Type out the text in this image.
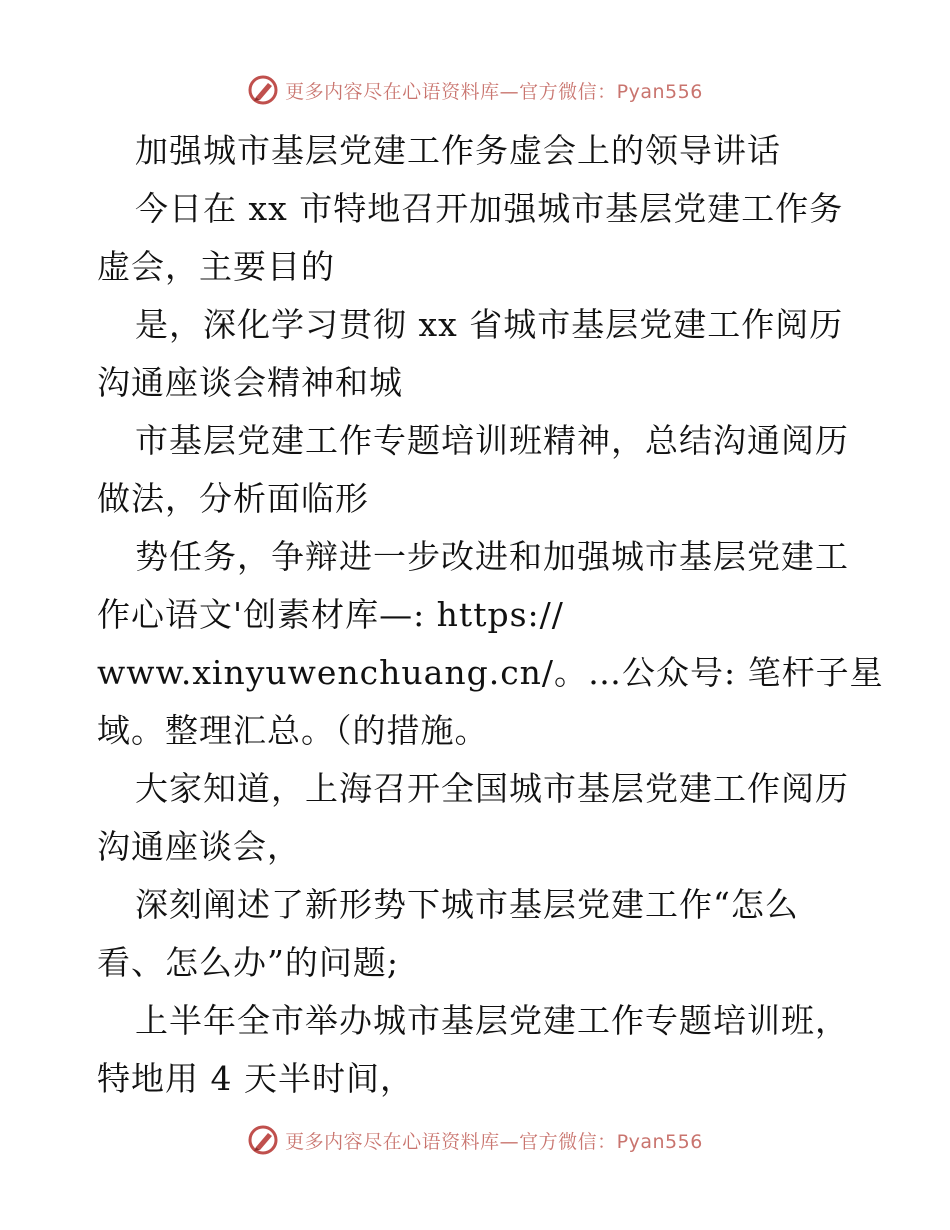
更多内容尽在心语资料库—官方微信：Pyan556
加强城市基层党建工作务虚会上的领导讲话
今日在 xx 市特地召开加强城市基层党建工作务
虚会，主要目的
是，深化学习贯彻 xx 省城市基层党建工作阅历
沟通座谈会精神和城
市基层党建工作专题培训班精神，总结沟通阅历
做法，分析面临形
势任务，争辩进一步改进和加强城市基层党建工
作心语文'创素材库—: https://
www.xinyuwenchuang.cn/。…公众号: 笔杆子星
域。整理汇总。（的措施。
大家知道，上海召开全国城市基层党建工作阅历
沟通座谈会，
深刻阐述了新形势下城市基层党建工作“怎么
看、怎么办”的问题;
上半年全市举办城市基层党建工作专题培训班，
特地用 4 天半时间，
更多内容尽在心语资料库—官方微信：Pyan556
